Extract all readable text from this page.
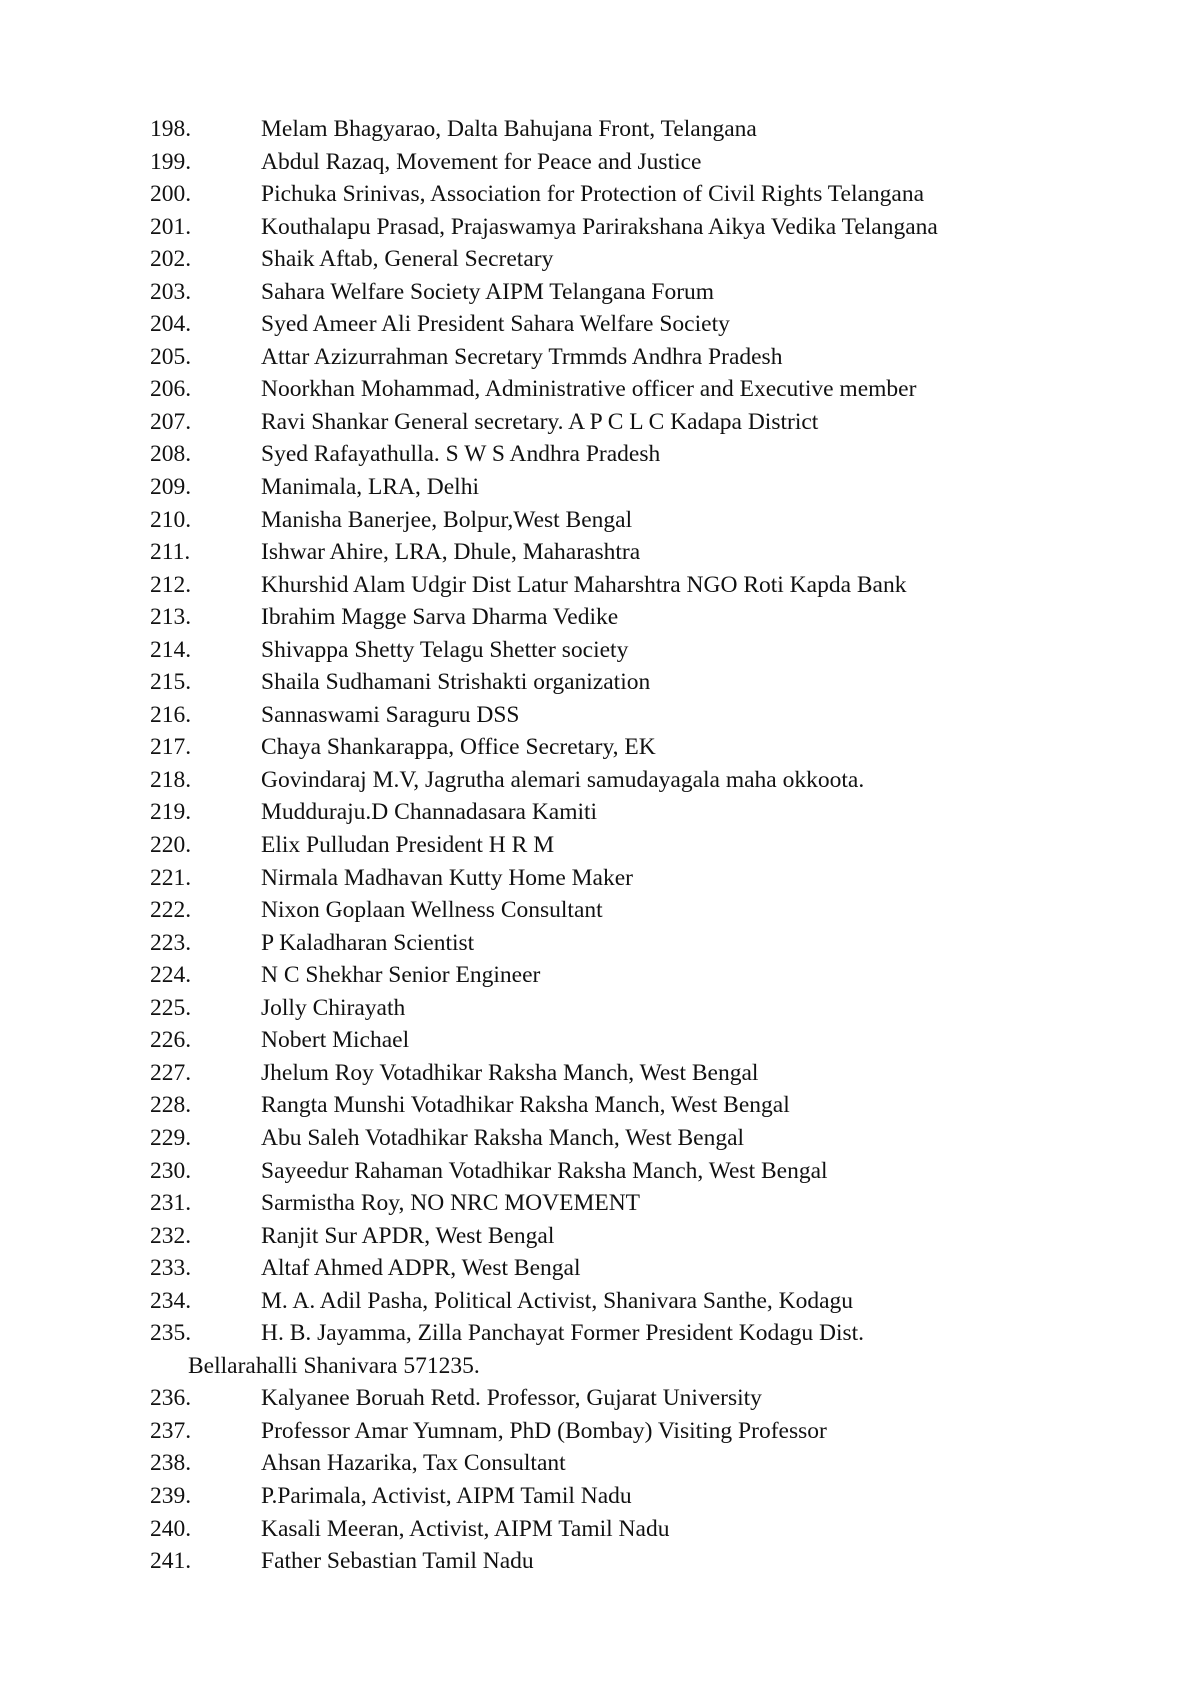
198.	Melam Bhagyarao, Dalta Bahujana Front, Telangana
199.	Abdul Razaq, Movement for Peace and Justice
200.	Pichuka Srinivas, Association for Protection of Civil Rights Telangana
201.	Kouthalapu Prasad, Prajaswamya Parirakshana Aikya Vedika Telangana
202.	Shaik Aftab, General Secretary
203.	Sahara Welfare Society AIPM Telangana Forum
204.	Syed Ameer Ali President Sahara Welfare Society
205.	Attar Azizurrahman Secretary Trmmds Andhra Pradesh
206.	Noorkhan Mohammad, Administrative officer and Executive member
207.	Ravi Shankar General secretary. A P C L C Kadapa District
208.	Syed Rafayathulla. S W S Andhra Pradesh
209.	Manimala, LRA, Delhi
210.	Manisha Banerjee, Bolpur,West Bengal
211.	Ishwar Ahire, LRA, Dhule, Maharashtra
212.	Khurshid Alam Udgir Dist Latur Maharshtra NGO Roti Kapda Bank
213.	Ibrahim Magge Sarva Dharma Vedike
214.	Shivappa Shetty Telagu Shetter society
215.	Shaila Sudhamani Strishakti organization
216.	Sannaswami Saraguru DSS
217.	Chaya Shankarappa, Office Secretary, EK
218.	Govindaraj M.V, Jagrutha alemari samudayagala maha okkoota.
219.	Mudduraju.D Channadasara Kamiti
220.	Elix Pulludan President H R M
221.	Nirmala Madhavan Kutty Home Maker
222.	Nixon Goplaan Wellness Consultant
223.	P Kaladharan Scientist
224.	N C Shekhar Senior Engineer
225.	Jolly Chirayath
226.	Nobert Michael
227.	Jhelum Roy Votadhikar Raksha Manch, West Bengal
228.	Rangta Munshi Votadhikar Raksha Manch, West Bengal
229.	Abu Saleh Votadhikar Raksha Manch, West Bengal
230.	Sayeedur Rahaman Votadhikar Raksha Manch, West Bengal
231.	Sarmistha Roy, NO NRC MOVEMENT
232.	Ranjit Sur APDR, West Bengal
233.	Altaf Ahmed ADPR, West Bengal
234.	M. A. Adil Pasha, Political Activist, Shanivara Santhe, Kodagu
235.	H. B. Jayamma, Zilla Panchayat Former President Kodagu Dist.
Bellarahalli Shanivara 571235.
236.	Kalyanee Boruah Retd. Professor, Gujarat University
237.	Professor Amar Yumnam, PhD (Bombay) Visiting Professor
238.	Ahsan Hazarika, Tax Consultant
239.	P.Parimala, Activist, AIPM Tamil Nadu
240.	Kasali Meeran, Activist, AIPM Tamil Nadu
241.	Father Sebastian Tamil Nadu
